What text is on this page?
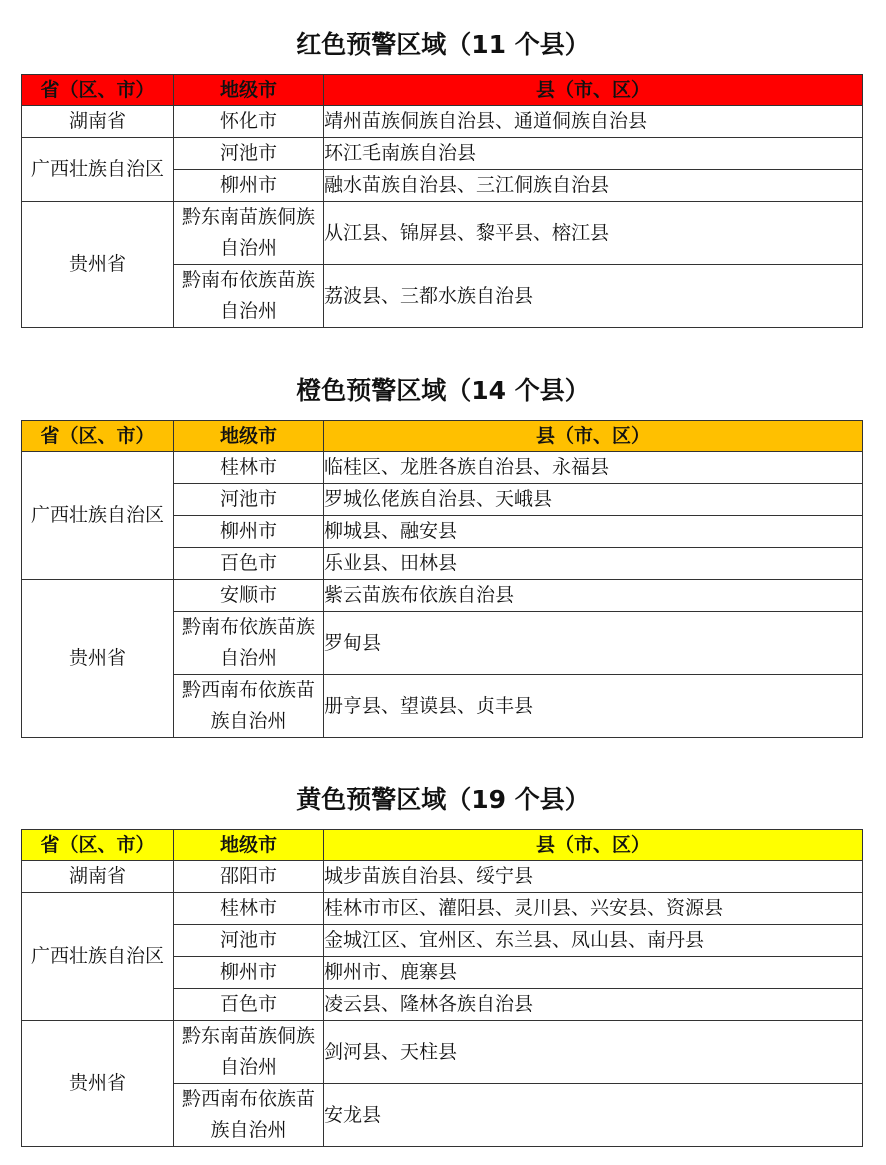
红色预警区域（11 个县）
省（区、市）	地级市	县（市、区）
湖南省	怀化市	靖州苗族侗族自治县、通道侗族自治县
广西壮族自治区	河池市	环江毛南族自治县
	柳州市	融水苗族自治县、三江侗族自治县
贵州省	黔东南苗族侗族自治州	从江县、锦屏县、黎平县、榕江县
	黔南布依族苗族自治州	荔波县、三都水族自治县
橙色预警区域（14 个县）
省（区、市）	地级市	县（市、区）
广西壮族自治区	桂林市	临桂区、龙胜各族自治县、永福县
	河池市	罗城仫佬族自治县、天峨县
	柳州市	柳城县、融安县
	百色市	乐业县、田林县
贵州省	安顺市	紫云苗族布依族自治县
	黔南布依族苗族自治州	罗甸县
	黔西南布依族苗族自治州	册亨县、望谟县、贞丰县
黄色预警区域（19 个县）
省（区、市）	地级市	县（市、区）
湖南省	邵阳市	城步苗族自治县、绥宁县
广西壮族自治区	桂林市	桂林市市区、灌阳县、灵川县、兴安县、资源县
	河池市	金城江区、宜州区、东兰县、凤山县、南丹县
	柳州市	柳州市、鹿寨县
	百色市	凌云县、隆林各族自治县
贵州省	黔东南苗族侗族自治州	剑河县、天柱县
	黔西南布依族苗族自治州	安龙县
